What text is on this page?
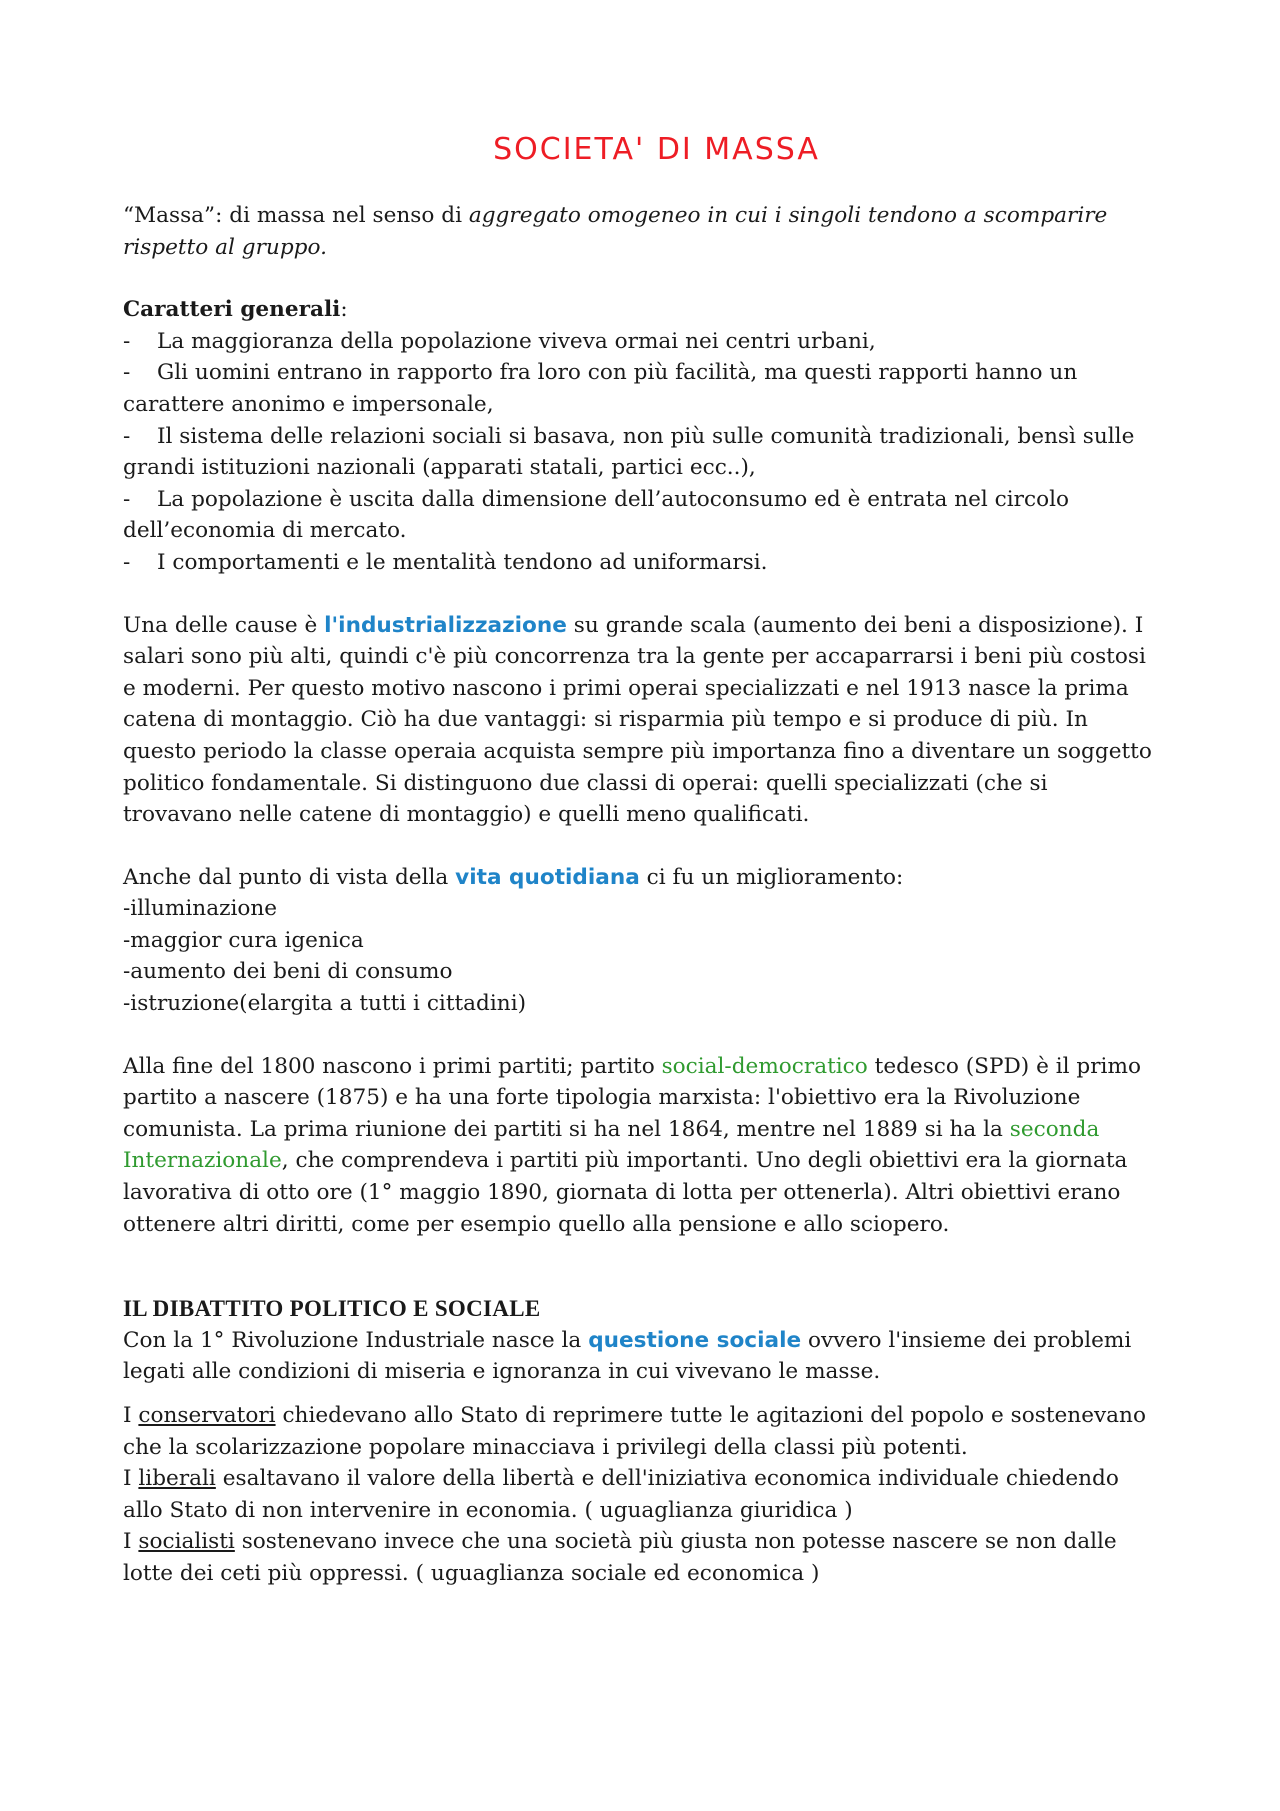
SOCIETA' DI MASSA

“Massa”: di massa nel senso di aggregato omogeneo in cui i singoli tendono a scomparire rispetto al gruppo.

Caratteri generali:

- La maggioranza della popolazione viveva ormai nei centri urbani,
- Gli uomini entrano in rapporto fra loro con più facilità, ma questi rapporti hanno un carattere anonimo e impersonale,
- Il sistema delle relazioni sociali si basava, non più sulle comunità tradizionali, bensì sulle grandi istituzioni nazionali (apparati statali, partici ecc..),
- La popolazione è uscita dalla dimensione dell’autoconsumo ed è entrata nel circolo dell’economia di mercato.
- I comportamenti e le mentalità tendono ad uniformarsi.

Una delle cause è l'industrializzazione su grande scala (aumento dei beni a disposizione). I salari sono più alti, quindi c'è più concorrenza tra la gente per accaparrarsi i beni più costosi e moderni. Per questo motivo nascono i primi operai specializzati e nel 1913 nasce la prima catena di montaggio. Ciò ha due vantaggi: si risparmia più tempo e si produce di più. In questo periodo la classe operaia acquista sempre più importanza fino a diventare un soggetto politico fondamentale. Si distinguono due classi di operai: quelli specializzati (che si trovavano nelle catene di montaggio) e quelli meno qualificati.

Anche dal punto di vista della vita quotidiana ci fu un miglioramento:

-illuminazione
-maggior cura igenica
-aumento dei beni di consumo
-istruzione(elargita a tutti i cittadini)

Alla fine del 1800 nascono i primi partiti; partito social-democratico tedesco (SPD) è il primo partito a nascere (1875) e ha una forte tipologia marxista: l'obiettivo era la Rivoluzione comunista. La prima riunione dei partiti si ha nel 1864, mentre nel 1889 si ha la seconda Internazionale, che comprendeva i partiti più importanti. Uno degli obiettivi era la giornata lavorativa di otto ore (1° maggio 1890, giornata di lotta per ottenerla). Altri obiettivi erano ottenere altri diritti, come per esempio quello alla pensione e allo sciopero.

IL DIBATTITO POLITICO E SOCIALE

Con la 1° Rivoluzione Industriale nasce la questione sociale ovvero l'insieme dei problemi legati alle condizioni di miseria e ignoranza in cui vivevano le masse.

I conservatori chiedevano allo Stato di reprimere tutte le agitazioni del popolo e sostenevano che la scolarizzazione popolare minacciava i privilegi della classi più potenti.

I liberali esaltavano il valore della libertà e dell'iniziativa economica individuale chiedendo allo Stato di non intervenire in economia. ( uguaglianza giuridica )

I socialisti sostenevano invece che una società più giusta non potesse nascere se non dalle lotte dei ceti più oppressi. ( uguaglianza sociale ed economica )
